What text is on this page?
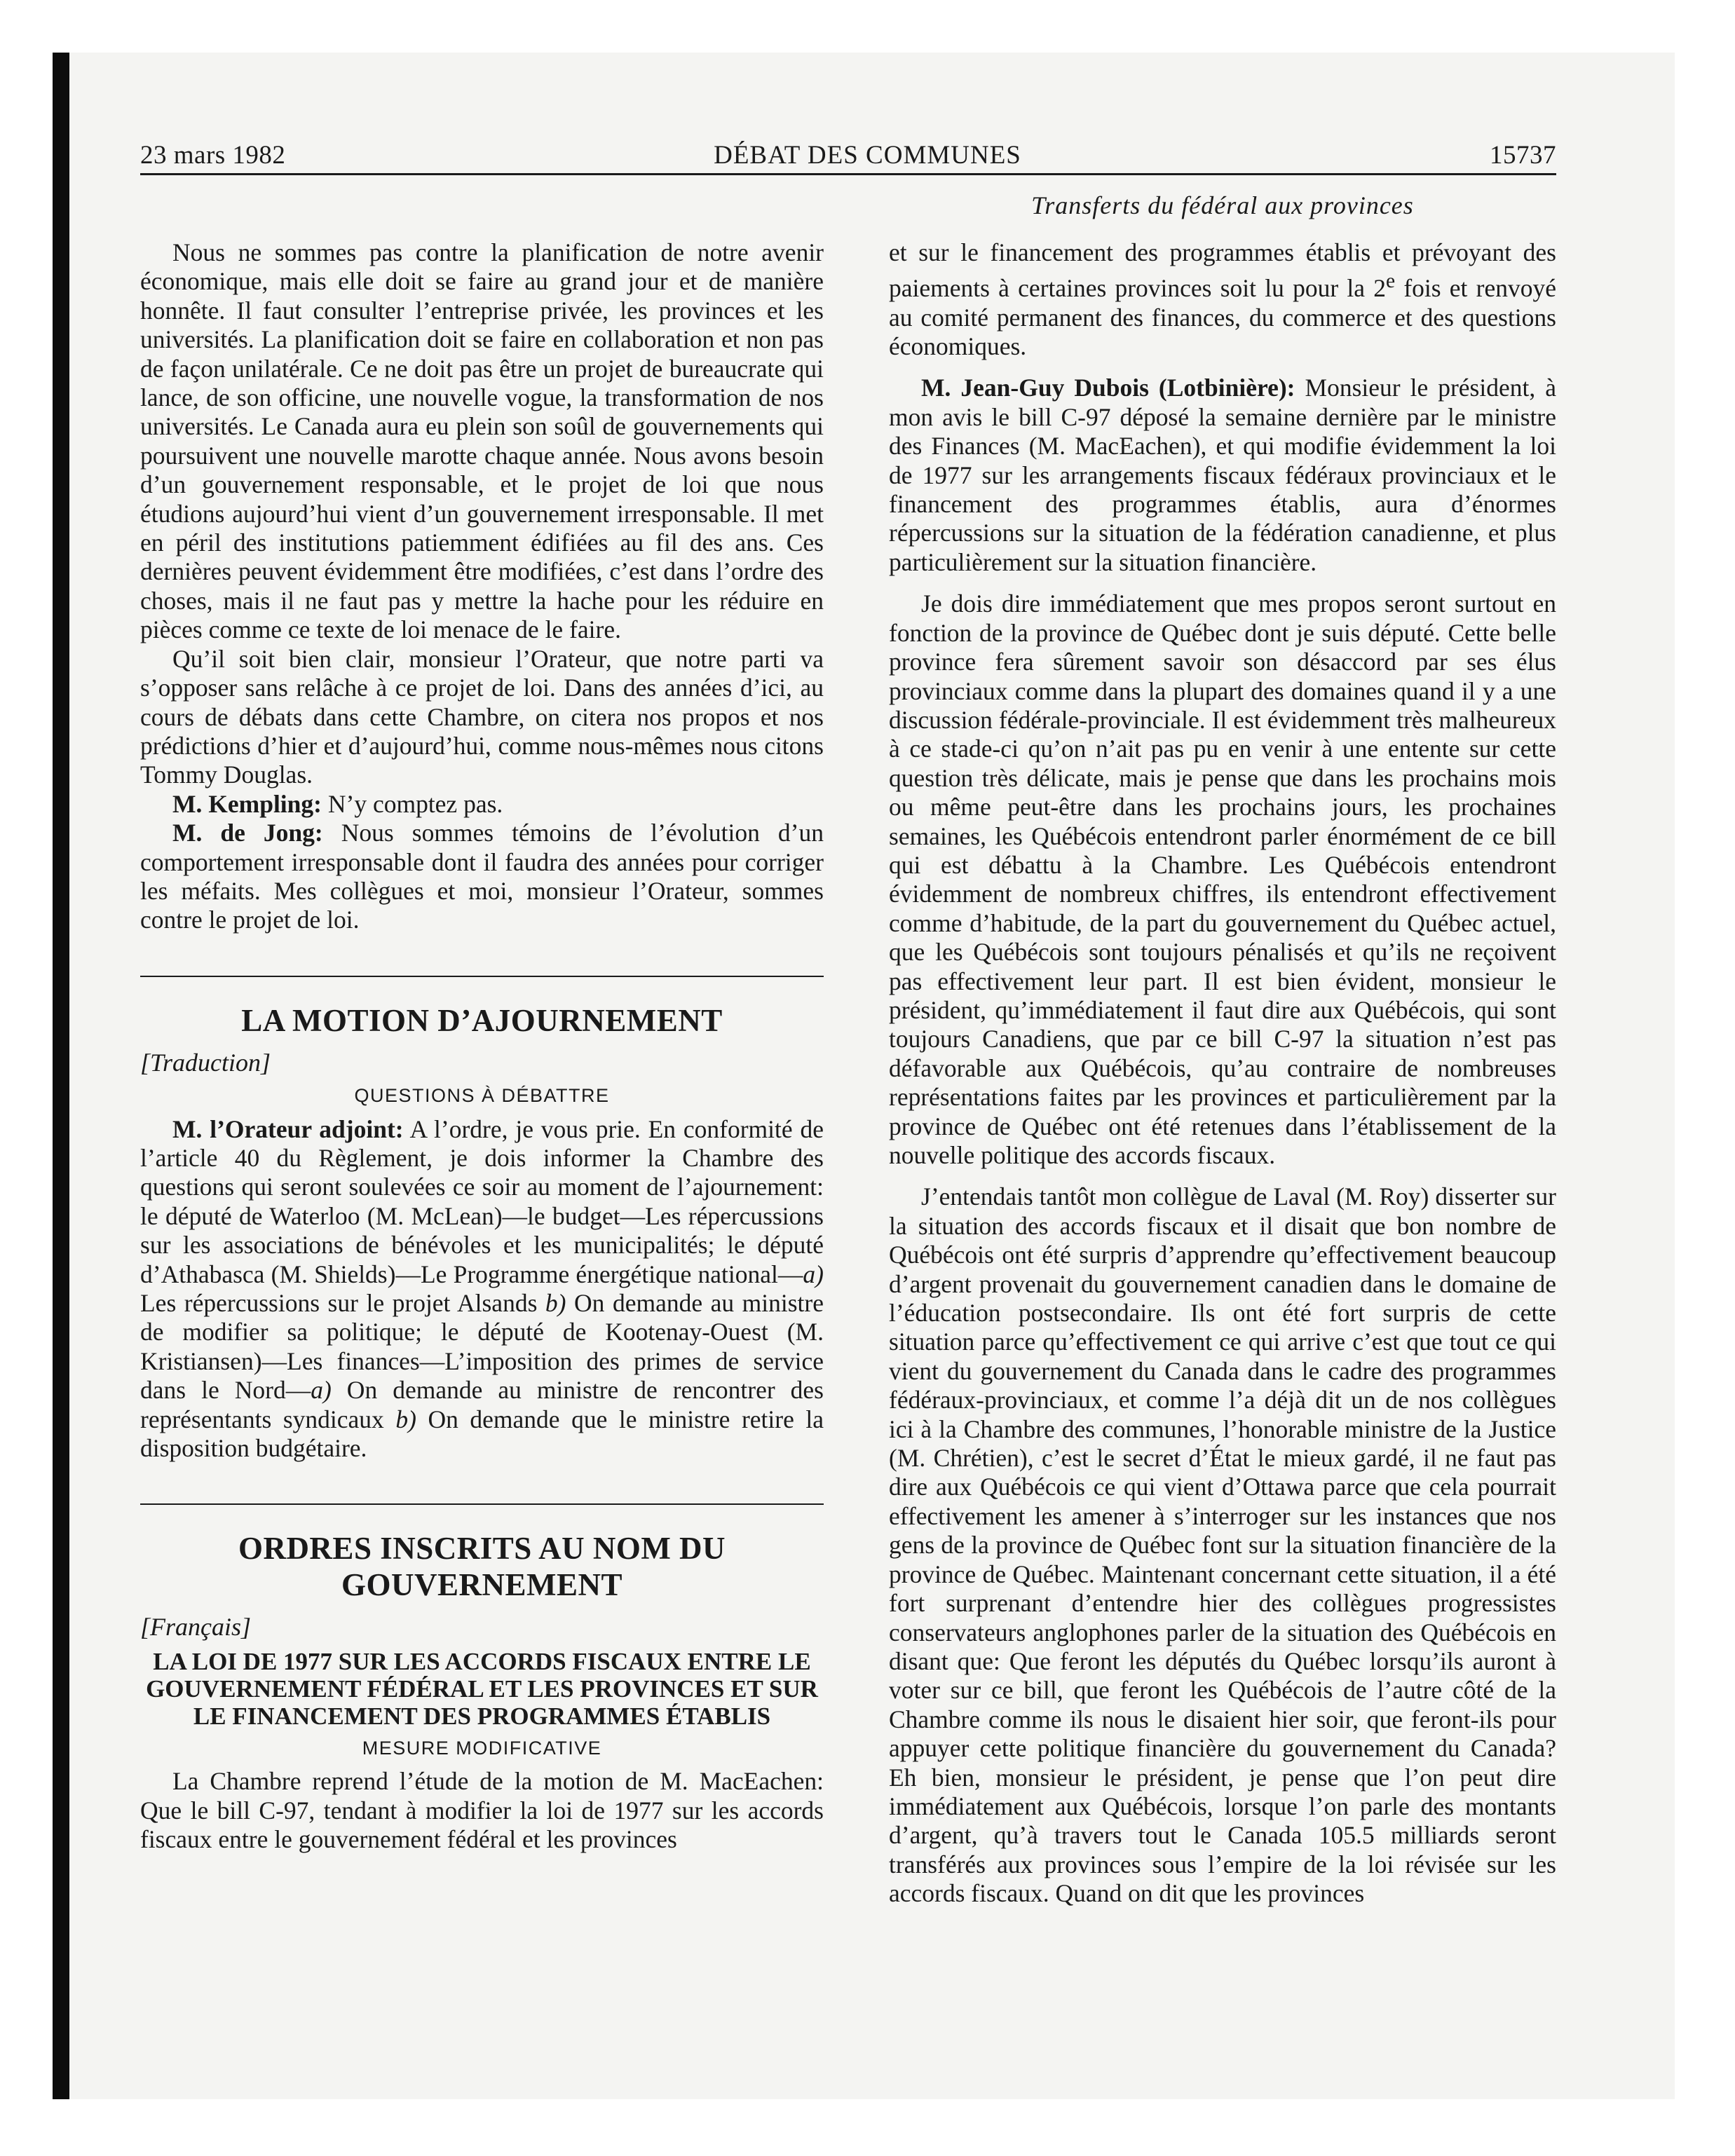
23 mars 1982	DÉBAT DES COMMUNES	15737
Transferts du fédéral aux provinces

Nous ne sommes pas contre la planification de notre avenir économique, mais elle doit se faire au grand jour et de manière honnête. Il faut consulter l’entreprise privée, les provinces et les universités. La planification doit se faire en collaboration et non pas de façon unilatérale. Ce ne doit pas être un projet de bureaucrate qui lance, de son officine, une nouvelle vogue, la transformation de nos universités. Le Canada aura eu plein son soûl de gouvernements qui poursuivent une nouvelle marotte chaque année. Nous avons besoin d’un gouvernement responsable, et le projet de loi que nous étudions aujourd’hui vient d’un gouvernement irresponsable. Il met en péril des institutions patiemment édifiées au fil des ans. Ces dernières peuvent évidemment être modifiées, c’est dans l’ordre des choses, mais il ne faut pas y mettre la hache pour les réduire en pièces comme ce texte de loi menace de le faire.

Qu’il soit bien clair, monsieur l’Orateur, que notre parti va s’opposer sans relâche à ce projet de loi. Dans des années d’ici, au cours de débats dans cette Chambre, on citera nos propos et nos prédictions d’hier et d’aujourd’hui, comme nous-mêmes nous citons Tommy Douglas.

M. Kempling: N’y comptez pas.

M. de Jong: Nous sommes témoins de l’évolution d’un comportement irresponsable dont il faudra des années pour corriger les méfaits. Mes collègues et moi, monsieur l’Orateur, sommes contre le projet de loi.

LA MOTION D’AJOURNEMENT
[Traduction]
QUESTIONS À DÉBATTRE

M. l’Orateur adjoint: A l’ordre, je vous prie. En conformité de l’article 40 du Règlement, je dois informer la Chambre des questions qui seront soulevées ce soir au moment de l’ajournement: le député de Waterloo (M. McLean)—le budget—Les répercussions sur les associations de bénévoles et les municipalités; le député d’Athabasca (M. Shields)—Le Programme énergétique national—a) Les répercussions sur le projet Alsands b) On demande au ministre de modifier sa politique; le député de Kootenay-Ouest (M. Kristiansen)—Les finances—L’imposition des primes de service dans le Nord—a) On demande au ministre de rencontrer des représentants syndicaux b) On demande que le ministre retire la disposition budgétaire.

ORDRES INSCRITS AU NOM DU GOUVERNEMENT
[Français]
LA LOI DE 1977 SUR LES ACCORDS FISCAUX ENTRE LE GOUVERNEMENT FÉDÉRAL ET LES PROVINCES ET SUR LE FINANCEMENT DES PROGRAMMES ÉTABLIS
MESURE MODIFICATIVE

La Chambre reprend l’étude de la motion de M. MacEachen: Que le bill C-97, tendant à modifier la loi de 1977 sur les accords fiscaux entre le gouvernement fédéral et les provinces

et sur le financement des programmes établis et prévoyant des paiements à certaines provinces soit lu pour la 2e fois et renvoyé au comité permanent des finances, du commerce et des questions économiques.

M. Jean-Guy Dubois (Lotbinière): Monsieur le président, à mon avis le bill C-97 déposé la semaine dernière par le ministre des Finances (M. MacEachen), et qui modifie évidemment la loi de 1977 sur les arrangements fiscaux fédéraux provinciaux et le financement des programmes établis, aura d’énormes répercussions sur la situation de la fédération canadienne, et plus particulièrement sur la situation financière.

Je dois dire immédiatement que mes propos seront surtout en fonction de la province de Québec dont je suis député. Cette belle province fera sûrement savoir son désaccord par ses élus provinciaux comme dans la plupart des domaines quand il y a une discussion fédérale-provinciale. Il est évidemment très malheureux à ce stade-ci qu’on n’ait pas pu en venir à une entente sur cette question très délicate, mais je pense que dans les prochains mois ou même peut-être dans les prochains jours, les prochaines semaines, les Québécois entendront parler énormément de ce bill qui est débattu à la Chambre. Les Québécois entendront évidemment de nombreux chiffres, ils entendront effectivement comme d’habitude, de la part du gouvernement du Québec actuel, que les Québécois sont toujours pénalisés et qu’ils ne reçoivent pas effectivement leur part. Il est bien évident, monsieur le président, qu’immédiatement il faut dire aux Québécois, qui sont toujours Canadiens, que par ce bill C-97 la situation n’est pas défavorable aux Québécois, qu’au contraire de nombreuses représentations faites par les provinces et particulièrement par la province de Québec ont été retenues dans l’établissement de la nouvelle politique des accords fiscaux.

J’entendais tantôt mon collègue de Laval (M. Roy) disserter sur la situation des accords fiscaux et il disait que bon nombre de Québécois ont été surpris d’apprendre qu’effectivement beaucoup d’argent provenait du gouvernement canadien dans le domaine de l’éducation postsecondaire. Ils ont été fort surpris de cette situation parce qu’effectivement ce qui arrive c’est que tout ce qui vient du gouvernement du Canada dans le cadre des programmes fédéraux-provinciaux, et comme l’a déjà dit un de nos collègues ici à la Chambre des communes, l’honorable ministre de la Justice (M. Chrétien), c’est le secret d’État le mieux gardé, il ne faut pas dire aux Québécois ce qui vient d’Ottawa parce que cela pourrait effectivement les amener à s’interroger sur les instances que nos gens de la province de Québec font sur la situation financière de la province de Québec. Maintenant concernant cette situation, il a été fort surprenant d’entendre hier des collègues progressistes conservateurs anglophones parler de la situation des Québécois en disant que: Que feront les députés du Québec lorsqu’ils auront à voter sur ce bill, que feront les Québécois de l’autre côté de la Chambre comme ils nous le disaient hier soir, que feront-ils pour appuyer cette politique financière du gouvernement du Canada? Eh bien, monsieur le président, je pense que l’on peut dire immédiatement aux Québécois, lorsque l’on parle des montants d’argent, qu’à travers tout le Canada 105.5 milliards seront transférés aux provinces sous l’empire de la loi révisée sur les accords fiscaux. Quand on dit que les provinces
